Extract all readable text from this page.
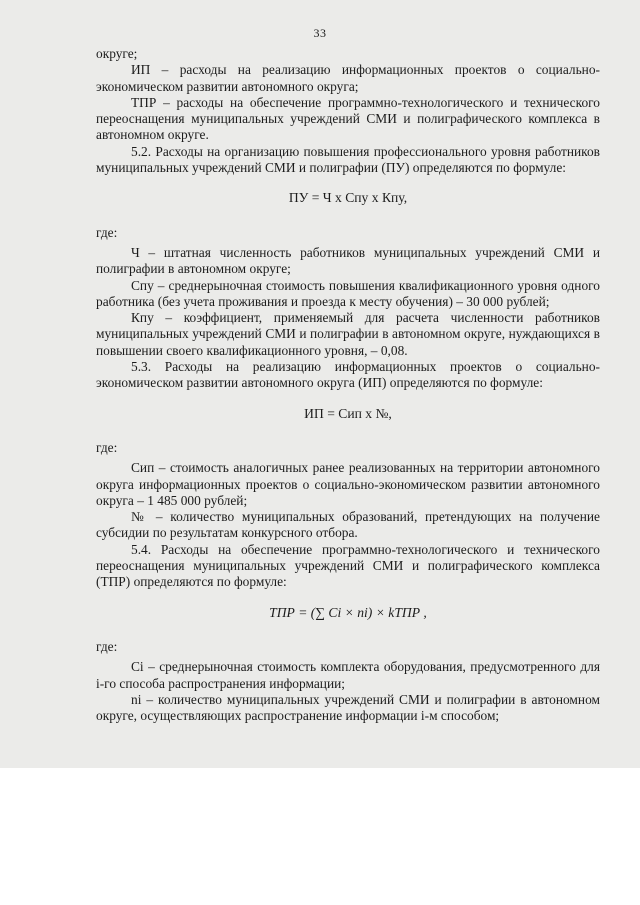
33

округе;

ИП – расходы на реализацию информационных проектов о социально-экономическом развитии автономного округа;

ТПР – расходы на обеспечение программно-технологического и технического переоснащения муниципальных учреждений СМИ и полиграфического комплекса в автономном округе.

5.2. Расходы на организацию повышения профессионального уровня работников муниципальных учреждений СМИ и полиграфии (ПУ) определяются по формуле:

ПУ = Ч x Спу x Кпу,

где:

Ч – штатная численность работников муниципальных учреждений СМИ и полиграфии в автономном округе;

Спу – среднерыночная стоимость повышения квалификационного уровня одного работника (без учета проживания и проезда к месту обучения) – 30 000 рублей;

Кпу – коэффициент, применяемый для расчета численности работников муниципальных учреждений СМИ и полиграфии в автономном округе, нуждающихся в повышении своего квалификационного уровня, – 0,08.

5.3. Расходы на реализацию информационных проектов о социально-экономическом развитии автономного округа (ИП) определяются по формуле:

ИП = Сип x №,

где:

Сип – стоимость аналогичных ранее реализованных на территории автономного округа информационных проектов о социально-экономическом развитии автономного округа – 1 485 000 рублей;

№ – количество муниципальных образований, претендующих на получение субсидии по результатам конкурсного отбора.

5.4. Расходы на обеспечение программно-технологического и технического переоснащения муниципальных учреждений СМИ и полиграфического комплекса (ТПР) определяются по формуле:

ТПР = (∑ Ci × ni) × kТПР ,

где:

Ci – среднерыночная стоимость комплекта оборудования, предусмотренного для i-го способа распространения информации;

ni – количество муниципальных учреждений СМИ и полиграфии в автономном округе, осуществляющих распространение информации i-м способом;
